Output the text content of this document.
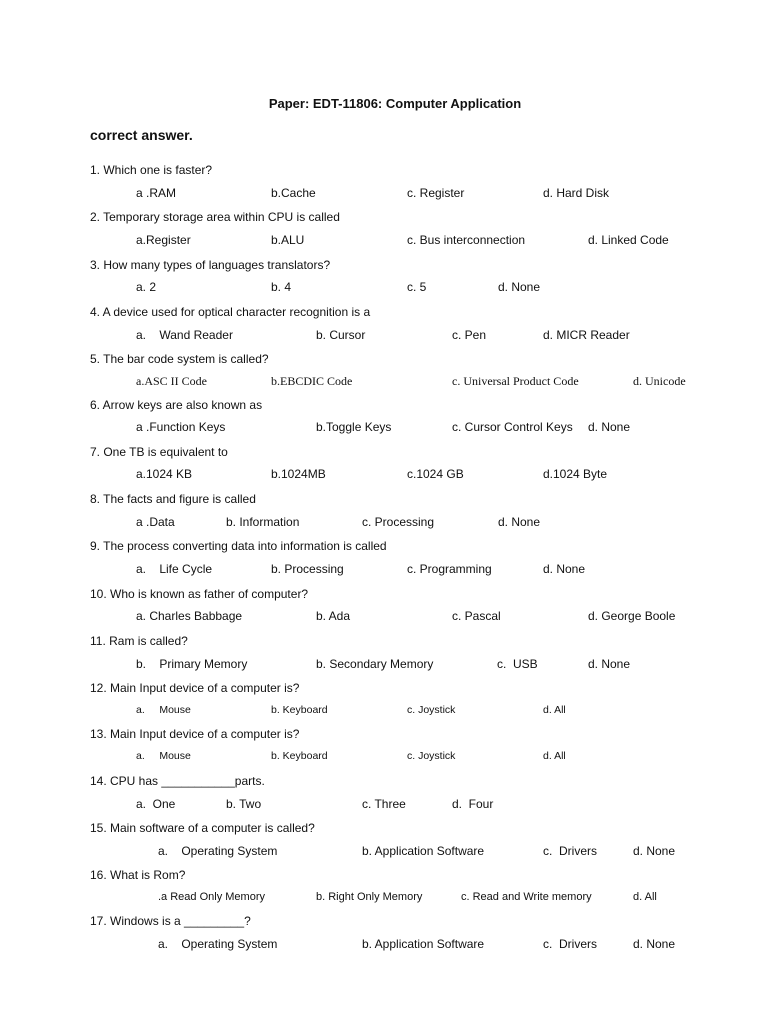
Paper: EDT-11806: Computer Application
correct answer.
1. Which one is faster?
a .RAM	b.Cache	c. Register	d. Hard Disk
2. Temporary storage area within CPU is called
a.Register	b.ALU	c. Bus interconnection	d. Linked Code
3. How many types of languages translators?
a. 2	b. 4	c. 5	d. None
4. A device used for optical character recognition is a
a.    Wand Reader	b. Cursor	c. Pen	d. MICR Reader
5. The bar code system is called?
a.ASC II Code	b.EBCDIC Code	c. Universal Product Code	d. Unicode
6. Arrow keys are also known as
a .Function Keys	b.Toggle Keys	c. Cursor Control Keys d. None
7. One TB is equivalent to
a.1024 KB	b.1024MB	c.1024 GB	d.1024 Byte
8. The facts and figure is called
a .Data	b. Information	c. Processing	d. None
9. The process converting data into information is called
a.    Life Cycle	b. Processing	c. Programming	d. None
10. Who is known as father of computer?
a. Charles Babbage	b. Ada	c. Pascal	d. George Boole
11. Ram is called?
b.    Primary Memory	b. Secondary Memory	c.  USB	d. None
12. Main Input device of a computer is?
a.     Mouse	b. Keyboard	c. Joystick	d. All
13. Main Input device of a computer is?
a.     Mouse	b. Keyboard	c. Joystick	d. All
14. CPU has ___________parts.
a.  One	b. Two	c. Three	d.  Four
15. Main software of a computer is called?
a.    Operating System	b. Application Software	c.  Drivers	d. None
16. What is Rom?
.a Read Only Memory	b. Right Only Memory	c. Read and Write memory	d. All
17. Windows is a _________?
a.    Operating System	b. Application Software	c.  Drivers	d. None
